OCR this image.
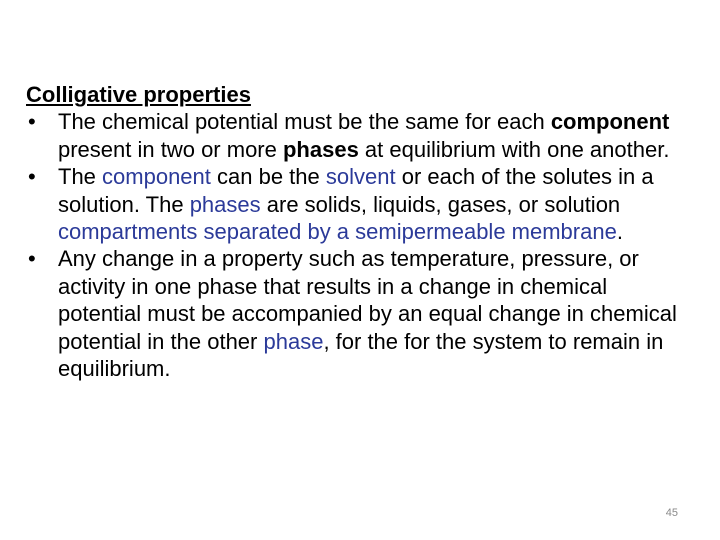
Colligative properties

• The chemical potential must be the same for each component present in two or more phases at equilibrium with one another.
• The component can be the solvent or each of the solutes in a solution. The phases are solids, liquids, gases, or solution compartments separated by a semipermeable membrane.
• Any change in a property such as temperature, pressure, or activity in one phase that results in a change in chemical potential must be accompanied by an equal change in chemical potential in the other phase, for the for the system to remain in equilibrium.
45
